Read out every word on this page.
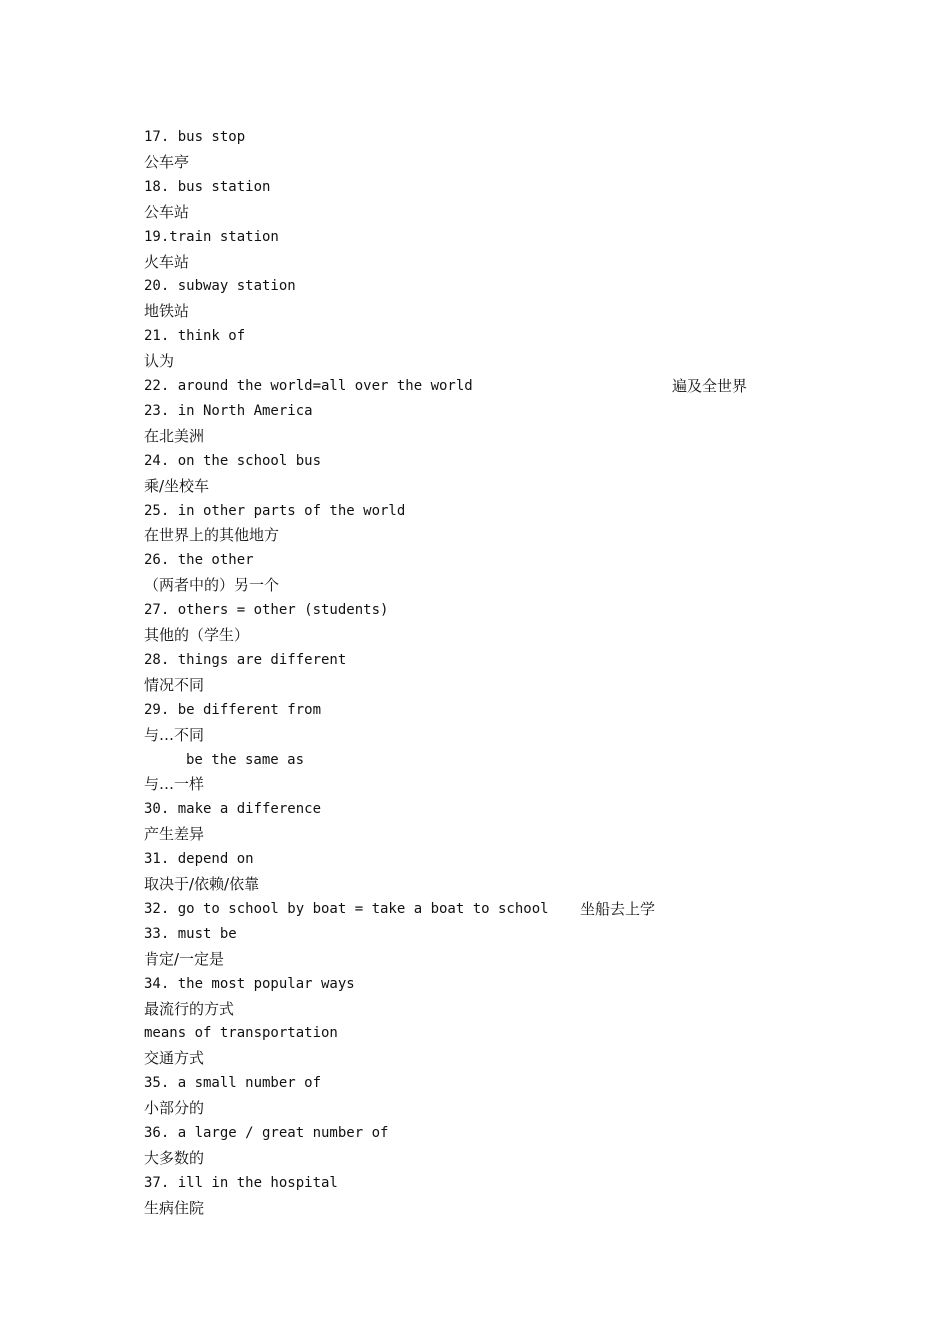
17. bus stop
公车亭
18. bus station
公车站
19.train station
火车站
20. subway station
地铁站
21. think of
认为
22. around the world=all over the world	遍及全世界
23. in North America
在北美洲
24. on the school bus
乘/坐校车
25. in other parts of the world
在世界上的其他地方
26. the other
（两者中的）另一个
27. others = other (students)
其他的（学生）
28. things are different
情况不同
29. be different from
与…不同
be the same as
与…一样
30. make a difference
产生差异
31. depend on
取决于/依赖/依靠
32. go to school by boat = take a boat to school 坐船去上学
33. must be
肯定/一定是
34. the most popular ways
最流行的方式
means of transportation
交通方式
35. a small number of
小部分的
36. a large / great number of
大多数的
37. ill in the hospital
生病住院
